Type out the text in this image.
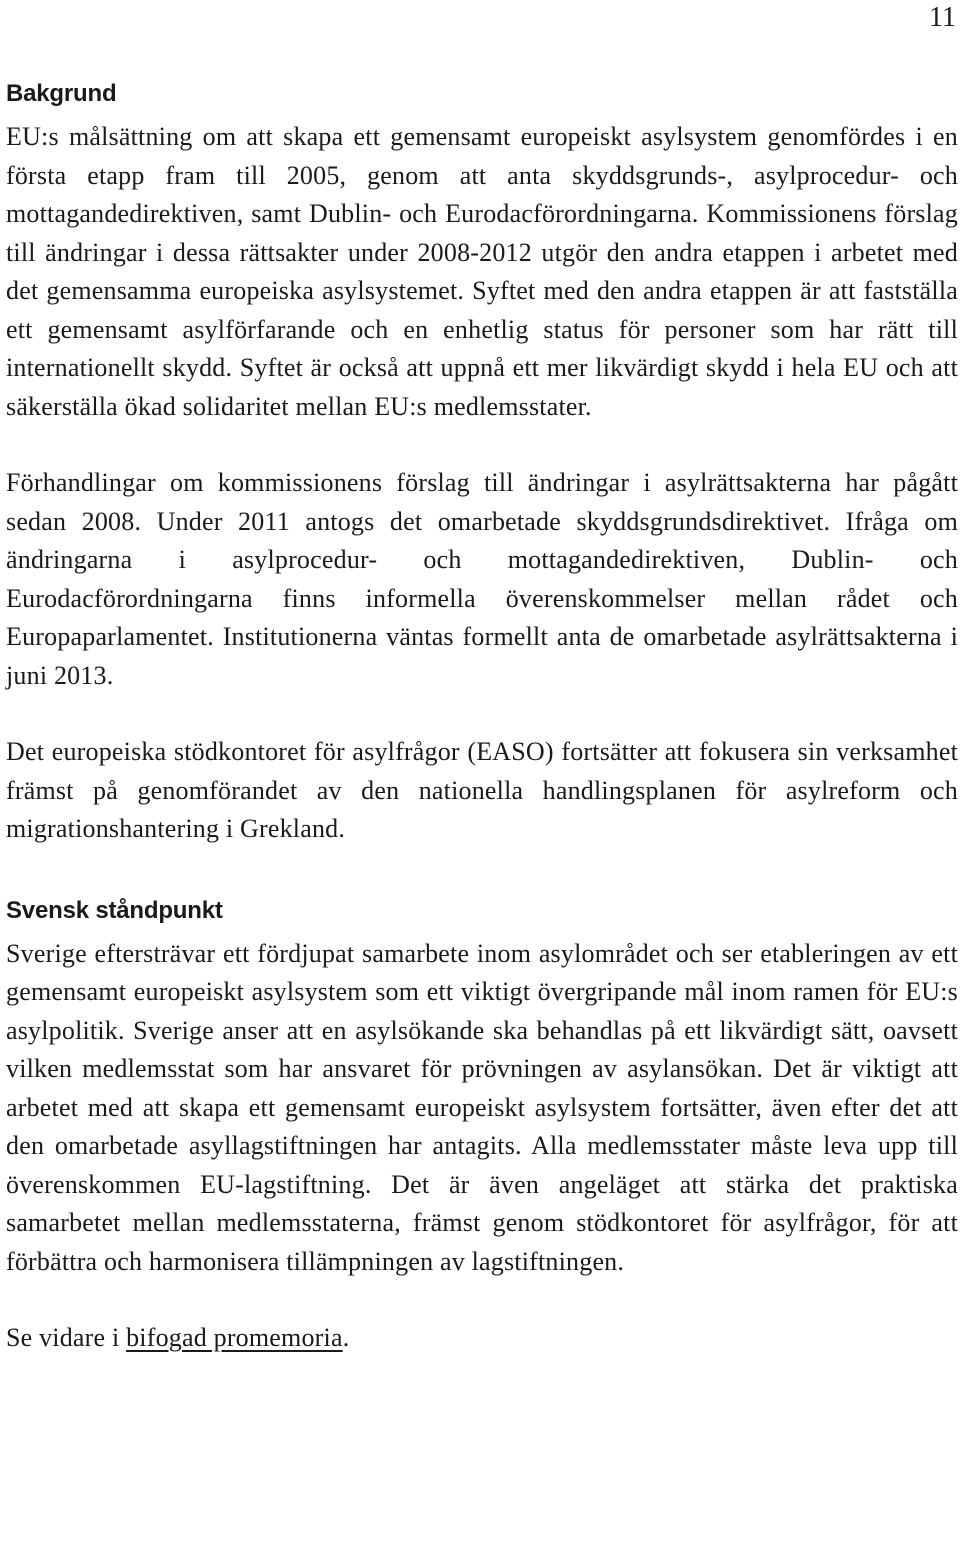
11
Bakgrund

EU:s målsättning om att skapa ett gemensamt europeiskt asylsystem genomfördes i en första etapp fram till 2005, genom att anta skyddsgrunds-, asylprocedur- och mottagandedirektiven, samt Dublin- och Eurodacförordningarna. Kommissionens förslag till ändringar i dessa rättsakter under 2008-2012 utgör den andra etappen i arbetet med det gemensamma europeiska asylsystemet. Syftet med den andra etappen är att fastställa ett gemensamt asylförfarande och en enhetlig status för personer som har rätt till internationellt skydd. Syftet är också att uppnå ett mer likvärdigt skydd i hela EU och att säkerställa ökad solidaritet mellan EU:s medlemsstater.

Förhandlingar om kommissionens förslag till ändringar i asylrättsakterna har pågått sedan 2008. Under 2011 antogs det omarbetade skyddsgrundsdirektivet. Ifråga om ändringarna i asylprocedur- och mottagandedirektiven, Dublin- och Eurodacförordningarna finns informella överenskommelser mellan rådet och Europaparlamentet. Institutionerna väntas formellt anta de omarbetade asylrättsakterna i juni 2013.

Det europeiska stödkontoret för asylfrågor (EASO) fortsätter att fokusera sin verksamhet främst på genomförandet av den nationella handlingsplanen för asylreform och migrationshantering i Grekland.

Svensk ståndpunkt

Sverige eftersträvar ett fördjupat samarbete inom asylområdet och ser etableringen av ett gemensamt europeiskt asylsystem som ett viktigt övergripande mål inom ramen för EU:s asylpolitik. Sverige anser att en asylsökande ska behandlas på ett likvärdigt sätt, oavsett vilken medlemsstat som har ansvaret för prövningen av asylansökan. Det är viktigt att arbetet med att skapa ett gemensamt europeiskt asylsystem fortsätter, även efter det att den omarbetade asyllagstiftningen har antagits. Alla medlemsstater måste leva upp till överenskommen EU-lagstiftning. Det är även angeläget att stärka det praktiska samarbetet mellan medlemsstaterna, främst genom stödkontoret för asylfrågor, för att förbättra och harmonisera tillämpningen av lagstiftningen.

Se vidare i bifogad promemoria.
